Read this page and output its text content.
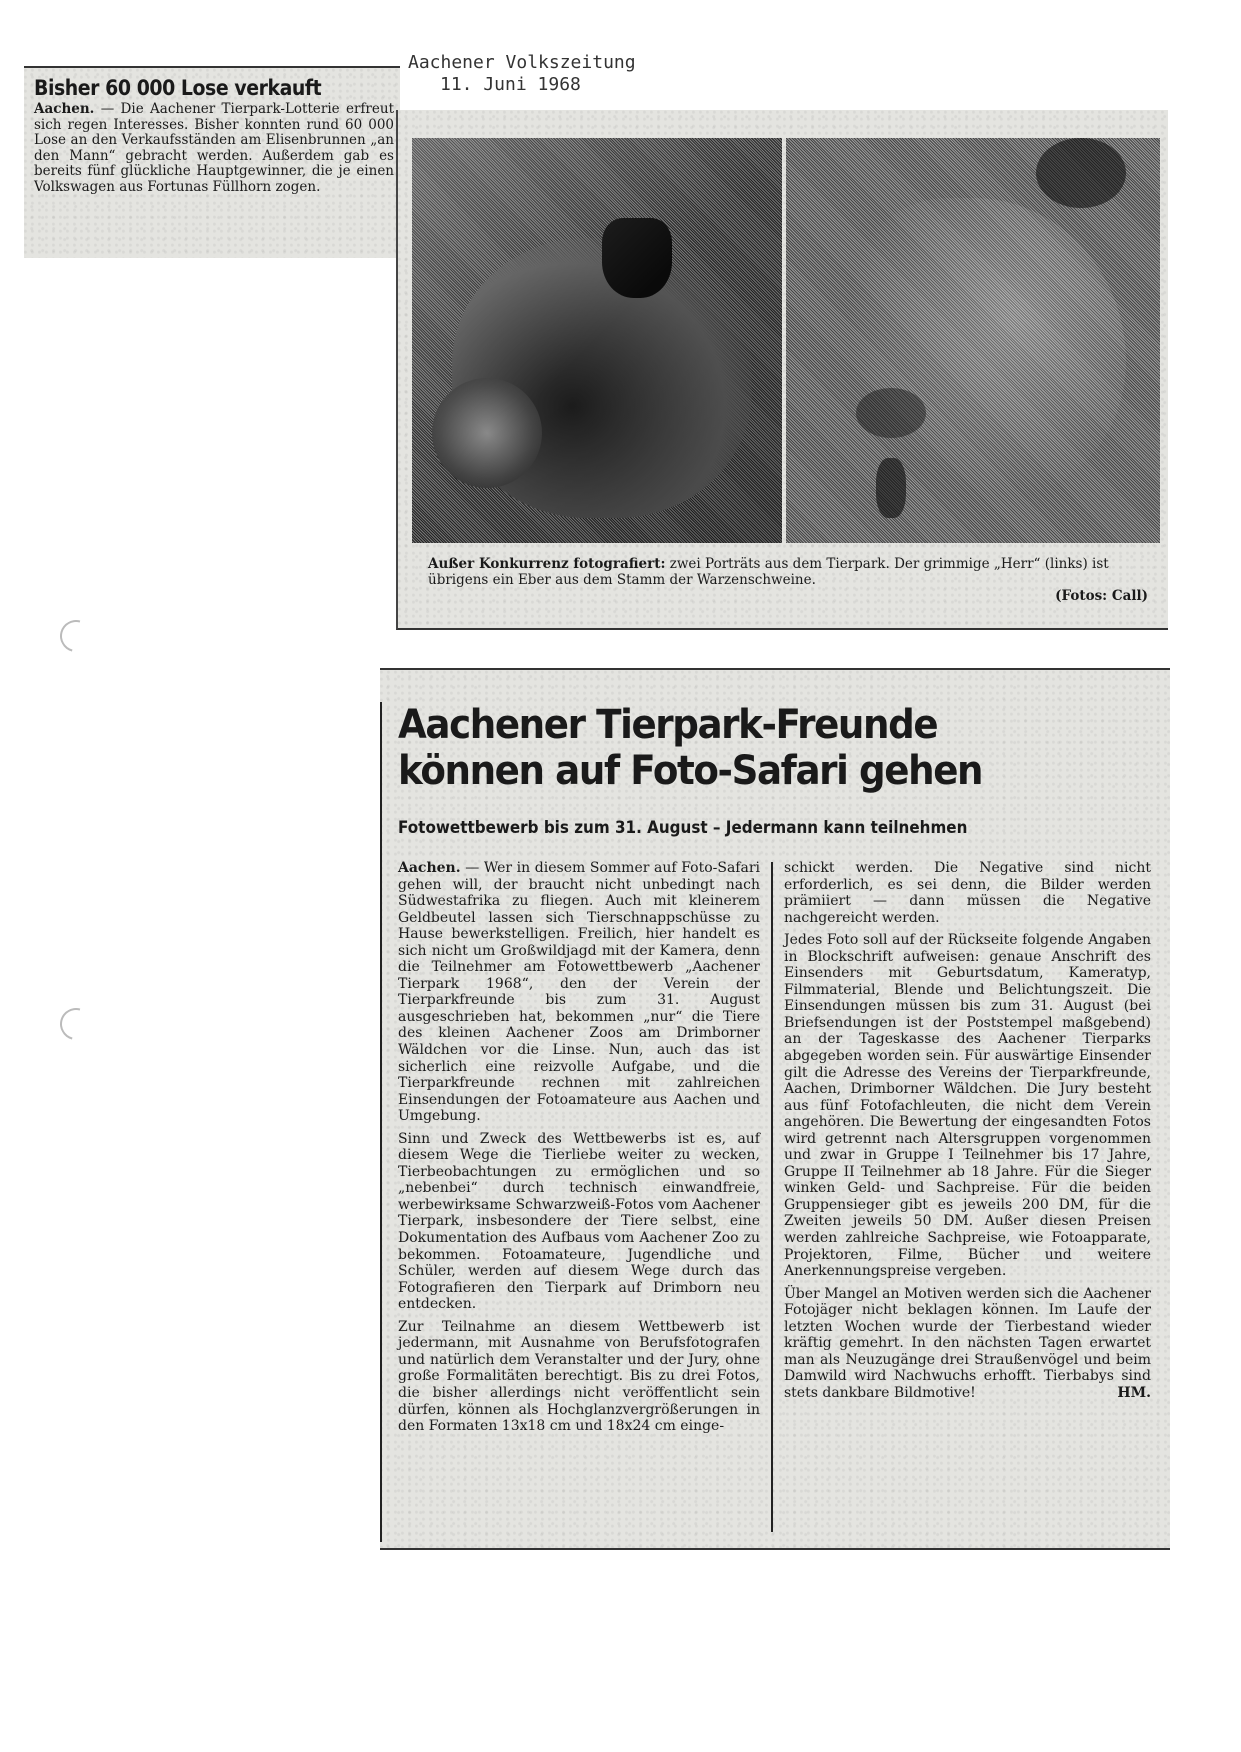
Aachener Volkszeitung
11. Juni 1968
Bisher 60 000 Lose verkauft
Aachen. — Die Aachener Tierpark-Lotterie erfreut sich regen Interesses. Bisher konnten rund 60 000 Lose an den Verkaufsständen am Elisenbrunnen „an den Mann“ gebracht werden. Außerdem gab es bereits fünf glückliche Hauptgewinner, die je einen Volkswagen aus Fortunas Füllhorn zogen.
Außer Konkurrenz fotografiert: zwei Porträts aus dem Tierpark. Der grimmige „Herr“ (links) ist übrigens ein Eber aus dem Stamm der Warzenschweine.
(Fotos: Call)
Aachener Tierpark-Freunde
können auf Foto-Safari gehen
Fotowettbewerb bis zum 31. August – Jedermann kann teilnehmen

Aachen. — Wer in diesem Sommer auf Foto-Safari gehen will, der braucht nicht unbedingt nach Südwestafrika zu fliegen. Auch mit kleinerem Geldbeutel lassen sich Tierschnappschüsse zu Hause bewerkstelligen. Freilich, hier handelt es sich nicht um Großwildjagd mit der Kamera, denn die Teilnehmer am Fotowettbewerb „Aachener Tierpark 1968“, den der Verein der Tierparkfreunde bis zum 31. August ausgeschrieben hat, bekommen „nur“ die Tiere des kleinen Aachener Zoos am Drimborner Wäldchen vor die Linse. Nun, auch das ist sicherlich eine reizvolle Aufgabe, und die Tierparkfreunde rechnen mit zahlreichen Einsendungen der Fotoamateure aus Aachen und Umgebung.

Sinn und Zweck des Wettbewerbs ist es, auf diesem Wege die Tierliebe weiter zu wecken, Tierbeobachtungen zu ermöglichen und so „nebenbei“ durch technisch einwandfreie, werbewirksame Schwarzweiß-Fotos vom Aachener Tierpark, insbesondere der Tiere selbst, eine Dokumentation des Aufbaus vom Aachener Zoo zu bekommen. Fotoamateure, Jugendliche und Schüler, werden auf diesem Wege durch das Fotografieren den Tierpark auf Drimborn neu entdecken.

Zur Teilnahme an diesem Wettbewerb ist jedermann, mit Ausnahme von Berufsfotografen und natürlich dem Veranstalter und der Jury, ohne große Formalitäten berechtigt. Bis zu drei Fotos, die bisher allerdings nicht veröffentlicht sein dürfen, können als Hochglanzvergrößerungen in den Formaten 13x18 cm und 18x24 cm einge-

schickt werden. Die Negative sind nicht erforderlich, es sei denn, die Bilder werden prämiiert — dann müssen die Negative nachgereicht werden.

Jedes Foto soll auf der Rückseite folgende Angaben in Blockschrift aufweisen: genaue Anschrift des Einsenders mit Geburtsdatum, Kameratyp, Filmmaterial, Blende und Belichtungszeit. Die Einsendungen müssen bis zum 31. August (bei Briefsendungen ist der Poststempel maßgebend) an der Tageskasse des Aachener Tierparks abgegeben worden sein. Für auswärtige Einsender gilt die Adresse des Vereins der Tierparkfreunde, Aachen, Drimborner Wäldchen. Die Jury besteht aus fünf Fotofachleuten, die nicht dem Verein angehören. Die Bewertung der eingesandten Fotos wird getrennt nach Altersgruppen vorgenommen und zwar in Gruppe I Teilnehmer bis 17 Jahre, Gruppe II Teilnehmer ab 18 Jahre. Für die Sieger winken Geld- und Sachpreise. Für die beiden Gruppensieger gibt es jeweils 200 DM, für die Zweiten jeweils 50 DM. Außer diesen Preisen werden zahlreiche Sachpreise, wie Fotoapparate, Projektoren, Filme, Bücher und weitere Anerkennungspreise vergeben.

Über Mangel an Motiven werden sich die Aachener Fotojäger nicht beklagen können. Im Laufe der letzten Wochen wurde der Tierbestand wieder kräftig gemehrt. In den nächsten Tagen erwartet man als Neuzugänge drei Straußenvögel und beim Damwild wird Nachwuchs erhofft. Tierbabys sind stets dankbare Bildmotive!	HM.
